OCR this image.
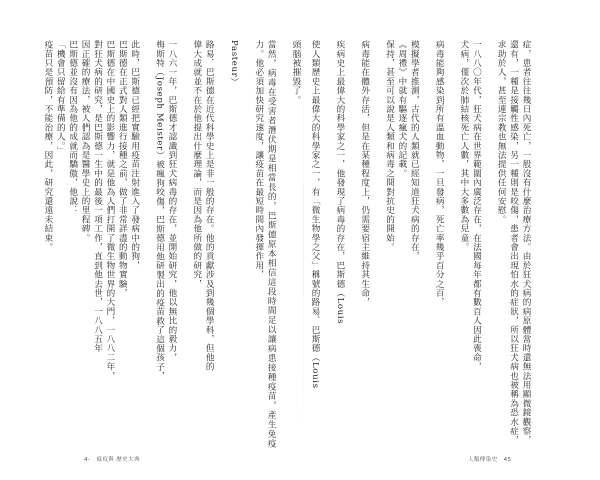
頭腦被摧毀了。

當然，病毒在受害者潛伏期是相當長的，巴斯德原本相信這段時間足以讓病患接種疫苗，產生免疫力。他必須加快研究速度，讓疫苗在最短時間內發揮作用，

Pasteur）

路易．巴斯德在近代科學史上是非一般的存在。他的貢獻涉及到幾個學科，但他的
偉大成就並不在於他提出什麼理論，而是因為他所做的研究，

一八六一年，巴斯德才認識到狂犬病毒的存在，並開始研究，他以無比的毅力，
梅斯特（Joseph Meister）被瘋狗咬傷，巴斯德用他研製出的疫苗救了這個孩子，

此時，巴斯德已經把實驗用疫苗注射進入了發病中的狗，
巴斯德在正式對人類進行接種之前，做了非常詳盡的動物實驗，
巴斯德在中國史上的影響力，就是他為人們打開了微生物世界的大門，一八八二年，
對狂犬病的研究，是巴斯德一生中的最後一項工作，直到他去世，一八八五年
因正確的療法，被人們認為是醫學史上的里程碑。
巴斯德並沒有因為他的成就而驕傲，他說：
「機會只留給有準備的人。」
疫苗只是預防，不能治療，因此，研究還遠未結束。	症，患者往往幾日內死亡，一般沒有什麼治療方法。由於狂犬病的病原體當時還無法用顯微鏡觀察，
還有，一種是接觸性感染，另一種則是咬傷，患者會出現怕水的症狀，所以狂犬病也被稱為恐水症，
求助於人，甚至連宗教也無法提供任何安慰。

一八八〇年代，狂犬病在世界範圍內廣泛存在，在法國每年都有數百人因此喪命，
犬病，僅次於肺結核死亡人數，其中大多數為兒童。

病毒能夠感染到所有溫血動物，一旦發病，死亡率幾乎百分之百，

模擬學者推測，古代的人類就已經知道狂犬病的存在，
《周禮》中就有驅逐瘋犬的記載。
保持，甚至可以說是人類和病毒之間對抗史的開始。

病毒能在體外存活，但是在某種程度上，仍需要宿主維持其生命，

疾病史上最偉大的科學家之一，他發現了病毒的存在，巴斯德（Louis

使人類歷史上最偉大的科學家之一，有「微生物學之父」稱號的路易．巴斯德（Louis
4- 瘟疫與 歷史大典	人類傳染史 45
